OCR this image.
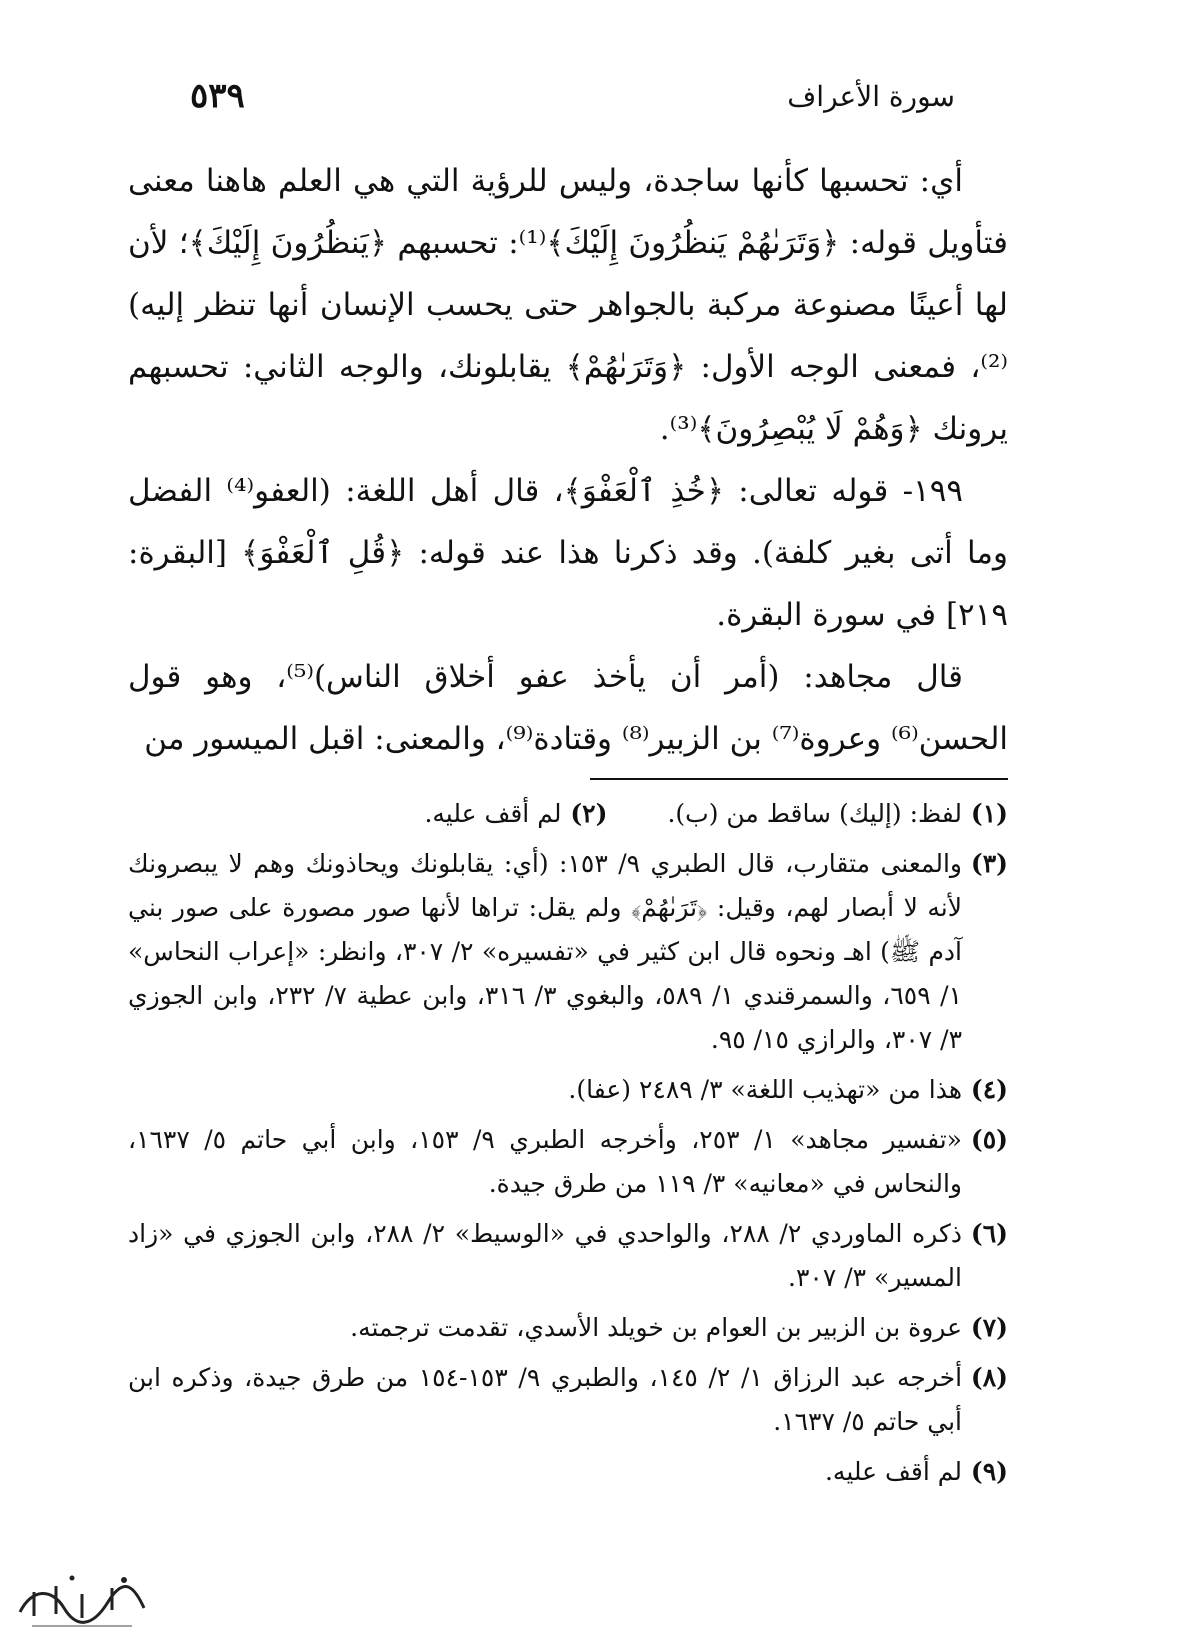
سورة الأعراف
٥٣٩

أي: تحسبها كأنها ساجدة، وليس للرؤية التي هي العلم هاهنا معنى فتأويل قوله: ﴿وَتَرَىٰهُمْ يَنظُرُونَ إِلَيْكَ﴾⁽¹⁾: تحسبهم ﴿يَنظُرُونَ إِلَيْكَ﴾؛ لأن لها أعينًا مصنوعة مركبة بالجواهر حتى يحسب الإنسان أنها تنظر إليه)⁽²⁾، فمعنى الوجه الأول: ﴿وَتَرَىٰهُمْ﴾ يقابلونك، والوجه الثاني: تحسبهم يرونك ﴿وَهُمْ لَا يُبْصِرُونَ﴾⁽³⁾.

١٩٩- قوله تعالى: ﴿خُذِ ٱلْعَفْوَ﴾، قال أهل اللغة: (العفو⁽⁴⁾ الفضل وما أتى بغير كلفة). وقد ذكرنا هذا عند قوله: ﴿قُلِ ٱلْعَفْوَ﴾ [البقرة: ٢١٩] في سورة البقرة.

قال مجاهد: (أمر أن يأخذ عفو أخلاق الناس)⁽⁵⁾، وهو قول الحسن⁽⁶⁾ وعروة⁽⁷⁾ بن الزبير⁽⁸⁾ وقتادة⁽⁹⁾، والمعنى: اقبل الميسور من

(١)
لفظ: (إليك) ساقط من (ب).
(٢)
لم أقف عليه.
(٣)
والمعنى متقارب، قال الطبري ٩/ ١٥٣: (أي: يقابلونك ويحاذونك وهم لا يبصرونك لأنه لا أبصار لهم، وقيل: ﴿تَرَىٰهُمْ﴾ ولم يقل: تراها لأنها صور مصورة على صور بني آدم ﷺ) اهـ ونحوه قال ابن كثير في «تفسيره» ٢/ ٣٠٧، وانظر: «إعراب النحاس» ١/ ٦٥٩، والسمرقندي ١/ ٥٨٩، والبغوي ٣/ ٣١٦، وابن عطية ٧/ ٢٣٢، وابن الجوزي ٣/ ٣٠٧، والرازي ١٥/ ٩٥.
(٤)
هذا من «تهذيب اللغة» ٣/ ٢٤٨٩ (عفا).
(٥)
«تفسير مجاهد» ١/ ٢٥٣، وأخرجه الطبري ٩/ ١٥٣، وابن أبي حاتم ٥/ ١٦٣٧، والنحاس في «معانيه» ٣/ ١١٩ من طرق جيدة.
(٦)
ذكره الماوردي ٢/ ٢٨٨، والواحدي في «الوسيط» ٢/ ٢٨٨، وابن الجوزي في «زاد المسير» ٣/ ٣٠٧.
(٧)
عروة بن الزبير بن العوام بن خويلد الأسدي، تقدمت ترجمته.
(٨)
أخرجه عبد الرزاق ١/ ٢/ ١٤٥، والطبري ٩/ ١٥٣-١٥٤ من طرق جيدة، وذكره ابن أبي حاتم ٥/ ١٦٣٧.
(٩)
لم أقف عليه.
